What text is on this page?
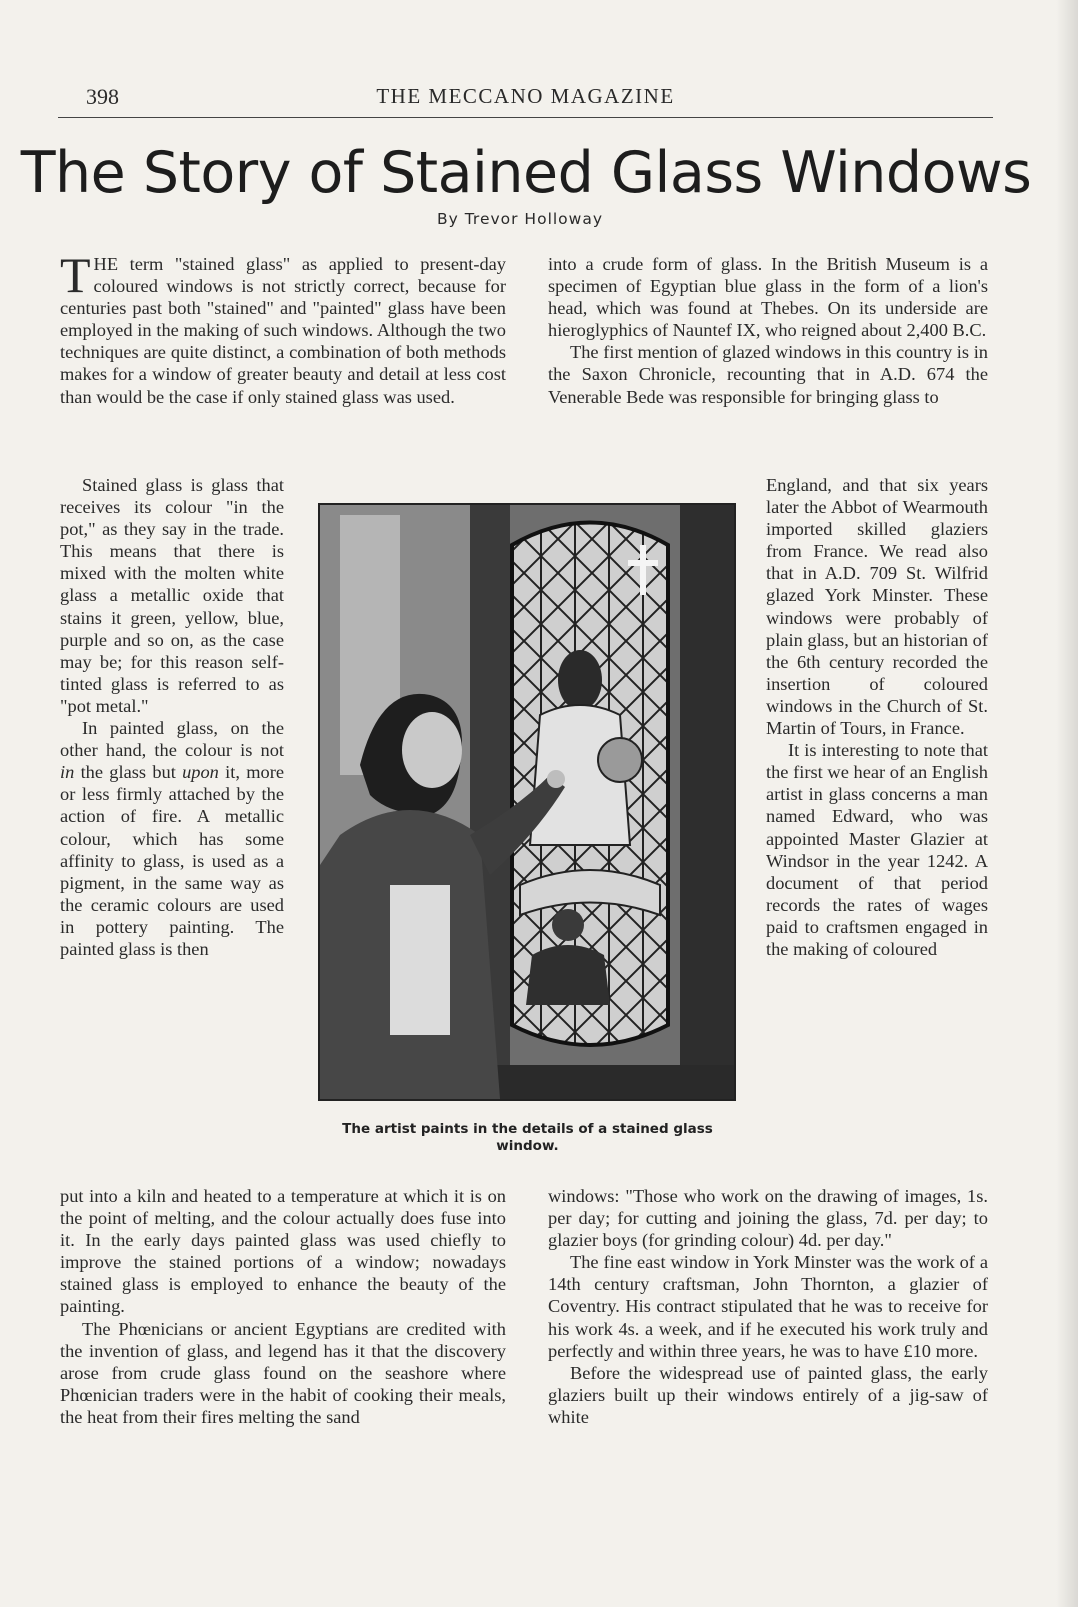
398	THE MECCANO MAGAZINE
The Story of Stained Glass Windows
By Trevor Holloway

THE term "stained glass" as applied to present-day coloured windows is not strictly correct, because for centuries past both "stained" and "painted" glass have been employed in the making of such windows. Although the two techniques are quite distinct, a combination of both methods makes for a window of greater beauty and detail at less cost than would be the case if only stained glass was used.

into a crude form of glass. In the British Museum is a specimen of Egyptian blue glass in the form of a lion's head, which was found at Thebes. On its underside are hieroglyphics of Nauntef IX, who reigned about 2,400 B.C.

The first mention of glazed windows in this country is in the Saxon Chronicle, recounting that in A.D. 674 the Venerable Bede was responsible for bringing glass to

Stained glass is glass that receives its colour "in the pot," as they say in the trade. This means that there is mixed with the molten white glass a metallic oxide that stains it green, yellow, blue, purple and so on, as the case may be; for this reason self-tinted glass is referred to as "pot metal."

In painted glass, on the other hand, the colour is not in the glass but upon it, more or less firmly attached by the action of fire. A metallic colour, which has some affinity to glass, is used as a pigment, in the same way as the ceramic colours are used in pottery painting. The painted glass is then

The artist paints in the details of a stained glass window.

England, and that six years later the Abbot of Wearmouth imported skilled glaziers from France. We read also that in A.D. 709 St. Wilfrid glazed York Minster. These windows were probably of plain glass, but an historian of the 6th century recorded the insertion of coloured windows in the Church of St. Martin of Tours, in France.

It is interesting to note that the first we hear of an English artist in glass concerns a man named Edward, who was appointed Master Glazier at Windsor in the year 1242. A document of that period records the rates of wages paid to craftsmen engaged in the making of coloured

put into a kiln and heated to a temperature at which it is on the point of melting, and the colour actually does fuse into it. In the early days painted glass was used chiefly to improve the stained portions of a window; nowadays stained glass is employed to enhance the beauty of the painting.

The Phœnicians or ancient Egyptians are credited with the invention of glass, and legend has it that the discovery arose from crude glass found on the seashore where Phœnician traders were in the habit of cooking their meals, the heat from their fires melting the sand

windows: "Those who work on the drawing of images, 1s. per day; for cutting and joining the glass, 7d. per day; to glazier boys (for grinding colour) 4d. per day."

The fine east window in York Minster was the work of a 14th century craftsman, John Thornton, a glazier of Coventry. His contract stipulated that he was to receive for his work 4s. a week, and if he executed his work truly and perfectly and within three years, he was to have £10 more.

Before the widespread use of painted glass, the early glaziers built up their windows entirely of a jig-saw of white
